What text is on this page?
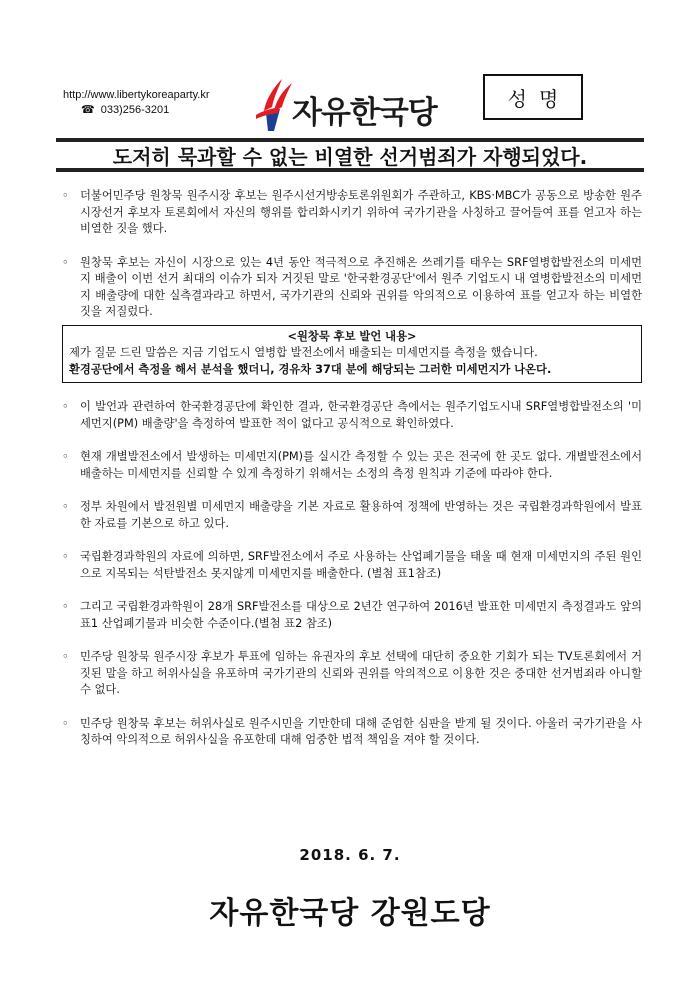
http://www.libertykoreaparty.kr
☎ 033)256-3201	자유한국당	성명
도저히 묵과할 수 없는 비열한 선거범죄가 자행되었다.
◦	더불어민주당 원창묵 원주시장 후보는 원주시선거방송토론위원회가 주관하고, KBS·MBC가 공동으로 방송한 원주시장선거 후보자 토론회에서 자신의 행위를 합리화시키기 위하여 국가기관을 사칭하고 끌어들여 표를 얻고자 하는 비열한 짓을 했다.
◦	원창묵 후보는 자신이 시장으로 있는 4년 동안 적극적으로 추진해온 쓰레기를 태우는 SRF열병합발전소의 미세먼지 배출이 이번 선거 최대의 이슈가 되자 거짓된 말로 '한국환경공단'에서 원주 기업도시 내 열병합발전소의 미세먼지 배출량에 대한 실측결과라고 하면서, 국가기관의 신뢰와 권위를 악의적으로 이용하여 표를 얻고자 하는 비열한 짓을 저질렀다.
<원창묵 후보 발언 내용>
제가 질문 드린 말씀은 지금 기업도시 열병합 발전소에서 배출되는 미세먼지를 측정을 했습니다.
환경공단에서 측정을 해서 분석을 했더니, 경유차 37대 분에 해당되는 그러한 미세먼지가 나온다.
◦	이 발언과 관련하여 한국환경공단에 확인한 결과, 한국환경공단 측에서는 원주기업도시내 SRF열병합발전소의 '미세먼지(PM) 배출량'을 측정하여 발표한 적이 없다고 공식적으로 확인하였다.
◦	현재 개별발전소에서 발생하는 미세먼지(PM)를 실시간 측정할 수 있는 곳은 전국에 한 곳도 없다. 개별발전소에서 배출하는 미세먼지를 신뢰할 수 있게 측정하기 위해서는 소정의 측정 원칙과 기준에 따라야 한다.
◦	정부 차원에서 발전원별 미세먼지 배출량을 기본 자료로 활용하여 정책에 반영하는 것은 국립환경과학원에서 발표한 자료를 기본으로 하고 있다.
◦	국립환경과학원의 자료에 의하면, SRF발전소에서 주로 사용하는 산업폐기물을 태울 때 현재 미세먼지의 주된 원인으로 지목되는 석탄발전소 못지않게 미세먼지를 배출한다. (별첨 표1참조)
◦	그리고 국립환경과학원이 28개 SRF발전소를 대상으로 2년간 연구하여 2016년 발표한 미세먼지 측정결과도 앞의 표1 산업폐기물과 비슷한 수준이다.(별첨 표2 참조)
◦	민주당 원창묵 원주시장 후보가 투표에 임하는 유권자의 후보 선택에 대단히 중요한 기회가 되는 TV토론회에서 거짓된 말을 하고 허위사실을 유포하며 국가기관의 신뢰와 권위를 악의적으로 이용한 것은 중대한 선거범죄라 아니할 수 없다.
◦	민주당 원창묵 후보는 허위사실로 원주시민을 기만한데 대해 준엄한 심판을 받게 될 것이다. 아울러 국가기관을 사칭하여 악의적으로 허위사실을 유포한데 대해 엄중한 법적 책임을 져야 할 것이다.
2018. 6. 7.
자유한국당 강원도당
